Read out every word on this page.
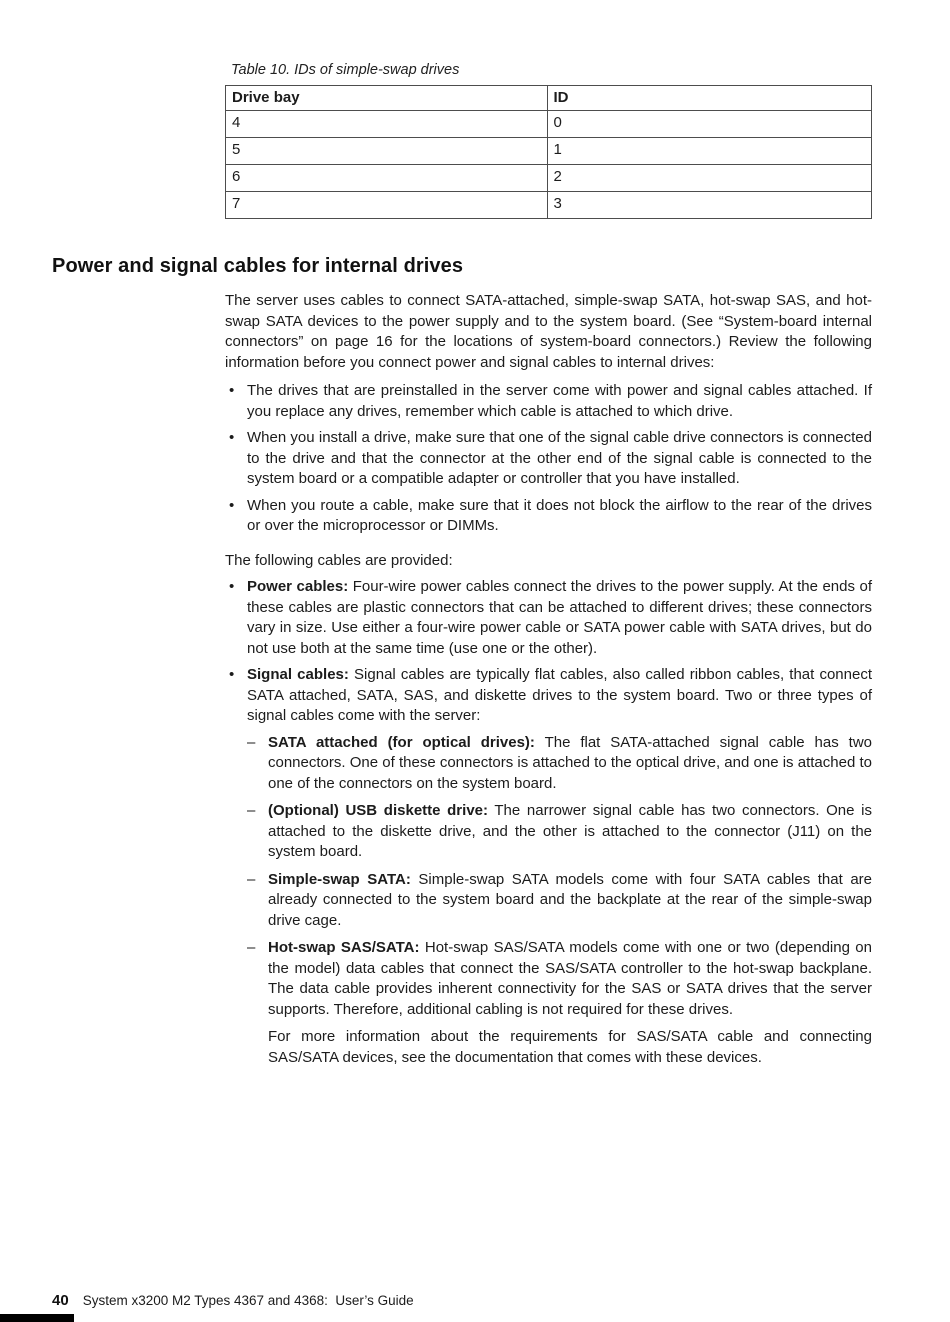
Table 10. IDs of simple-swap drives
Drive bay	ID
4	0
5	1
6	2
7	3
Power and signal cables for internal drives

The server uses cables to connect SATA-attached, simple-swap SATA, hot-swap SAS, and hot-swap SATA devices to the power supply and to the system board. (See “System-board internal connectors” on page 16 for the locations of system-board connectors.) Review the following information before you connect power and signal cables to internal drives:

• The drives that are preinstalled in the server come with power and signal cables attached. If you replace any drives, remember which cable is attached to which drive.
• When you install a drive, make sure that one of the signal cable drive connectors is connected to the drive and that the connector at the other end of the signal cable is connected to the system board or a compatible adapter or controller that you have installed.
• When you route a cable, make sure that it does not block the airflow to the rear of the drives or over the microprocessor or DIMMs.

The following cables are provided:

• Power cables: Four-wire power cables connect the drives to the power supply. At the ends of these cables are plastic connectors that can be attached to different drives; these connectors vary in size. Use either a four-wire power cable or SATA power cable with SATA drives, but do not use both at the same time (use one or the other).
• Signal cables: Signal cables are typically flat cables, also called ribbon cables, that connect SATA attached, SATA, SAS, and diskette drives to the system board. Two or three types of signal cables come with the server:
– SATA attached (for optical drives): The flat SATA-attached signal cable has two connectors. One of these connectors is attached to the optical drive, and one is attached to one of the connectors on the system board.
– (Optional) USB diskette drive: The narrower signal cable has two connectors. One is attached to the diskette drive, and the other is attached to the connector (J11) on the system board.
– Simple-swap SATA: Simple-swap SATA models come with four SATA cables that are already connected to the system board and the backplate at the rear of the simple-swap drive cage.
– Hot-swap SAS/SATA: Hot-swap SAS/SATA models come with one or two (depending on the model) data cables that connect the SAS/SATA controller to the hot-swap backplane. The data cable provides inherent connectivity for the SAS or SATA drives that the server supports. Therefore, additional cabling is not required for these drives.
For more information about the requirements for SAS/SATA cable and connecting SAS/SATA devices, see the documentation that comes with these devices.
40 System x3200 M2 Types 4367 and 4368:  User’s Guide
